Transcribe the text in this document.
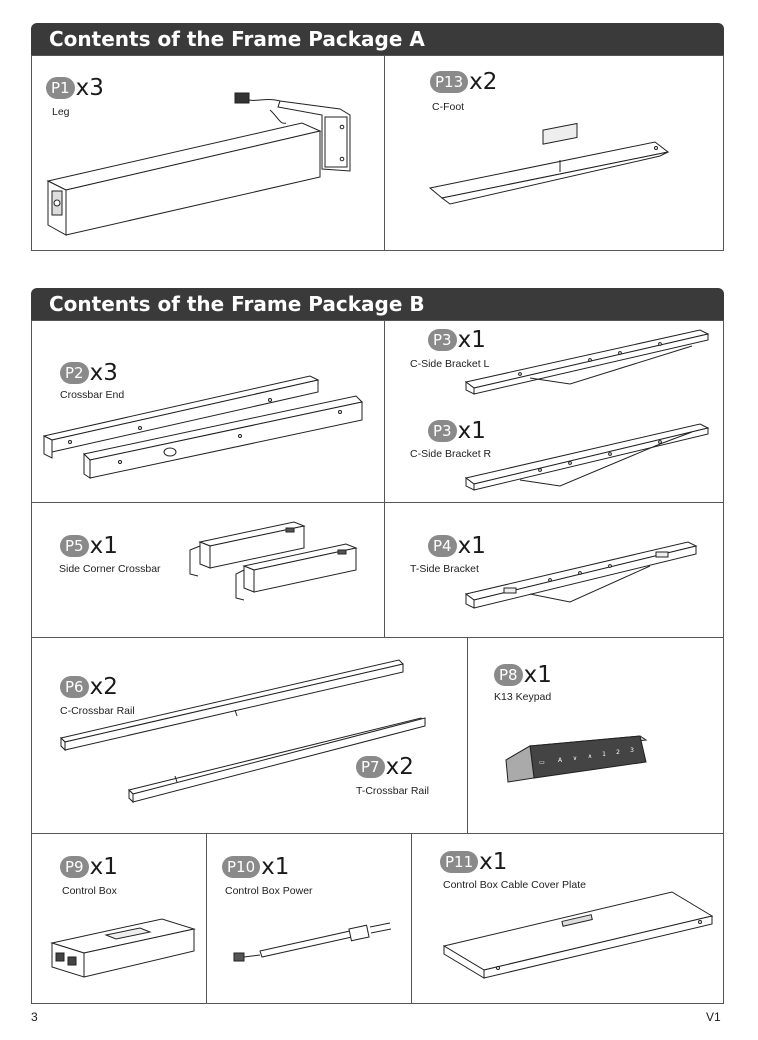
Contents of the Frame Package A
P1 x3
Leg
P13 x2
C-Foot
Contents of the Frame Package B
P2 x3
Crossbar End
P3 x1
C-Side Bracket L
P3 x1
C-Side Bracket R
P5 x1
Side Corner Crossbar
P4 x1
T-Side Bracket
P6 x2
C-Crossbar Rail
P7 x2
T-Crossbar Rail
P8 x1
K13 Keypad
▭ A ∨ ∧ 1 2 3
P9 x1
Control Box
P10 x1
Control Box Power
P11 x1
Control Box Cable Cover Plate
3	V1
